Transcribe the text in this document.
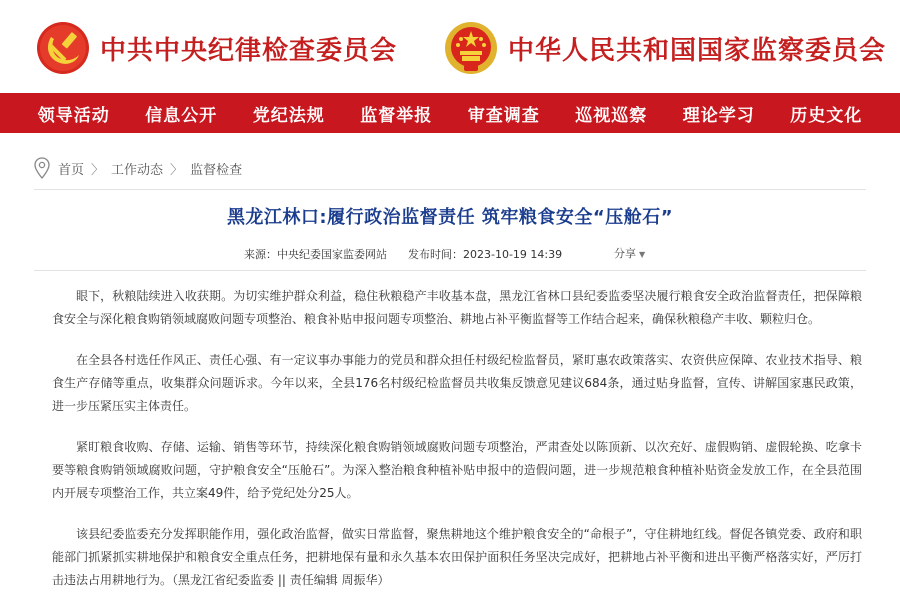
中共中央纪律检查委员会	中华人民共和国国家监察委员会
领导活动 信息公开 党纪法规 监督举报 审查调查 巡视巡察 理论学习 历史文化
首页 〉 工作动态 〉 监督检查
黑龙江林口:履行政治监督责任 筑牢粮食安全“压舱石”
来源：中央纪委国家监委网站 发布时间：2023-10-19 14:39	分享 ▼

眼下，秋粮陆续进入收获期。为切实维护群众利益，稳住秋粮稳产丰收基本盘，黑龙江省林口县纪委监委坚决履行粮食安全政治监督责任，把保障粮食安全与深化粮食购销领域腐败问题专项整治、粮食补贴申报问题专项整治、耕地占补平衡监督等工作结合起来，确保秋粮稳产丰收、颗粒归仓。

在全县各村选任作风正、责任心强、有一定议事办事能力的党员和群众担任村级纪检监督员，紧盯惠农政策落实、农资供应保障、农业技术指导、粮食生产存储等重点，收集群众问题诉求。今年以来，全县176名村级纪检监督员共收集反馈意见建议684条，通过贴身监督，宣传、讲解国家惠民政策，进一步压紧压实主体责任。

紧盯粮食收购、存储、运输、销售等环节，持续深化粮食购销领域腐败问题专项整治，严肃查处以陈顶新、以次充好、虚假购销、虚假轮换、吃拿卡要等粮食购销领域腐败问题，守护粮食安全“压舱石”。为深入整治粮食种植补贴申报中的造假问题，进一步规范粮食种植补贴资金发放工作，在全县范围内开展专项整治工作，共立案49件，给予党纪处分25人。

该县纪委监委充分发挥职能作用，强化政治监督，做实日常监督，聚焦耕地这个维护粮食安全的“命根子”，守住耕地红线。督促各镇党委、政府和职能部门抓紧抓实耕地保护和粮食安全重点任务，把耕地保有量和永久基本农田保护面积任务坚决完成好，把耕地占补平衡和进出平衡严格落实好，严厉打击违法占用耕地行为。（黑龙江省纪委监委 || 责任编辑 周振华）
